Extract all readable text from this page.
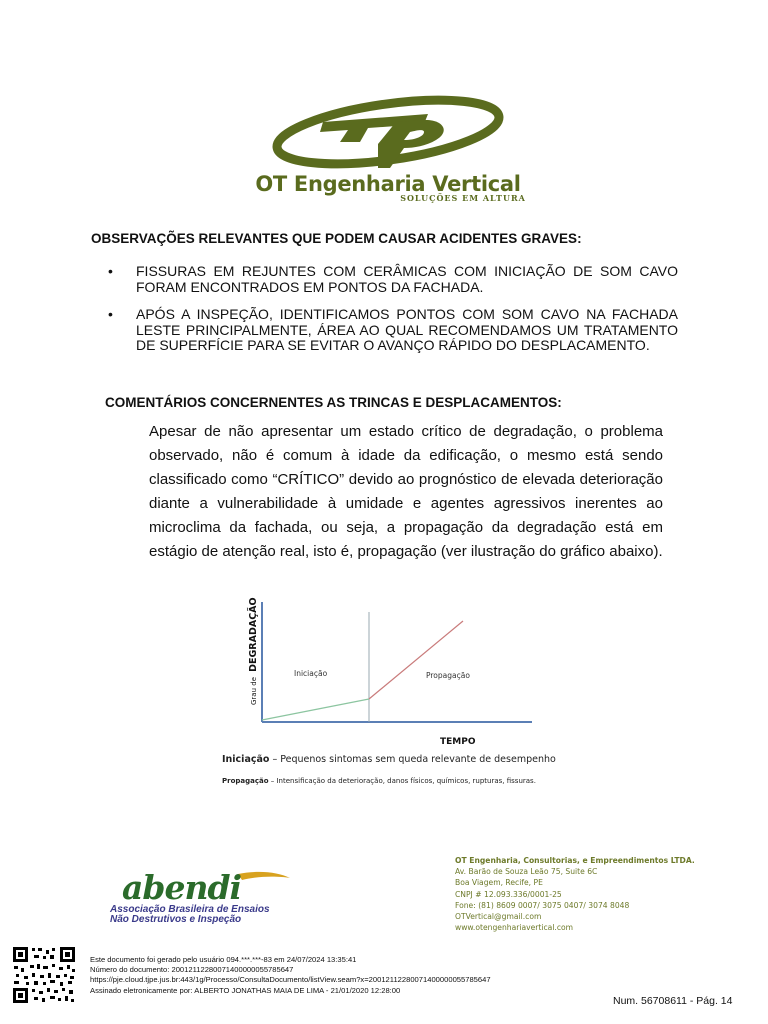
OT Engenharia Vertical
SOLUÇÕES EM ALTURA
OBSERVAÇÕES RELEVANTES QUE PODEM CAUSAR ACIDENTES GRAVES:
• FISSURAS EM REJUNTES COM CERÂMICAS COM INICIAÇÃO DE SOM CAVO FORAM ENCONTRADOS EM PONTOS DA FACHADA.
• APÓS A INSPEÇÃO, IDENTIFICAMOS PONTOS COM SOM CAVO NA FACHADA LESTE PRINCIPALMENTE, ÁREA AO QUAL RECOMENDAMOS UM TRATAMENTO DE SUPERFÍCIE PARA SE EVITAR O AVANÇO RÁPIDO DO DESPLACAMENTO.
COMENTÁRIOS CONCERNENTES AS TRINCAS E DESPLACAMENTOS:
Apesar de não apresentar um estado crítico de degradação, o problema observado, não é comum à idade da edificação, o mesmo está sendo classificado como “CRÍTICO” devido ao prognóstico de elevada deterioração diante a vulnerabilidade à umidade e agentes agressivos inerentes ao microclima da fachada, ou seja, a propagação da degradação está em estágio de atenção real, isto é, propagação (ver ilustração do gráfico abaixo).
Grau de DEGRADAÇÃO
Iniciação	Propagação
TEMPO
Iniciação – Pequenos sintomas sem queda relevante de desempenho
Propagação – Intensificação da deterioração, danos físicos, químicos, rupturas, fissuras.
abendi
Associação Brasileira de Ensaios
Não Destrutivos e Inspeção
OT Engenharia, Consultorias, e Empreendimentos LTDA.
Av. Barão de Souza Leão 75, Suite 6C
Boa Viagem, Recife, PE
CNPJ # 12.093.336/0001-25
Fone: (81) 8609 0007/ 3075 0407/ 3074 8048
OTVertical@gmail.com
www.otengenhariavertical.com
Este documento foi gerado pelo usuário 094.***.***-83 em 24/07/2024 13:35:41
Número do documento: 20012112280071400000055785647
https://pje.cloud.tjpe.jus.br:443/1g/Processo/ConsultaDocumento/listView.seam?x=20012112280071400000055785647
Assinado eletronicamente por: ALBERTO JONATHAS MAIA DE LIMA - 21/01/2020 12:28:00
Num. 56708611 - Pág. 14
